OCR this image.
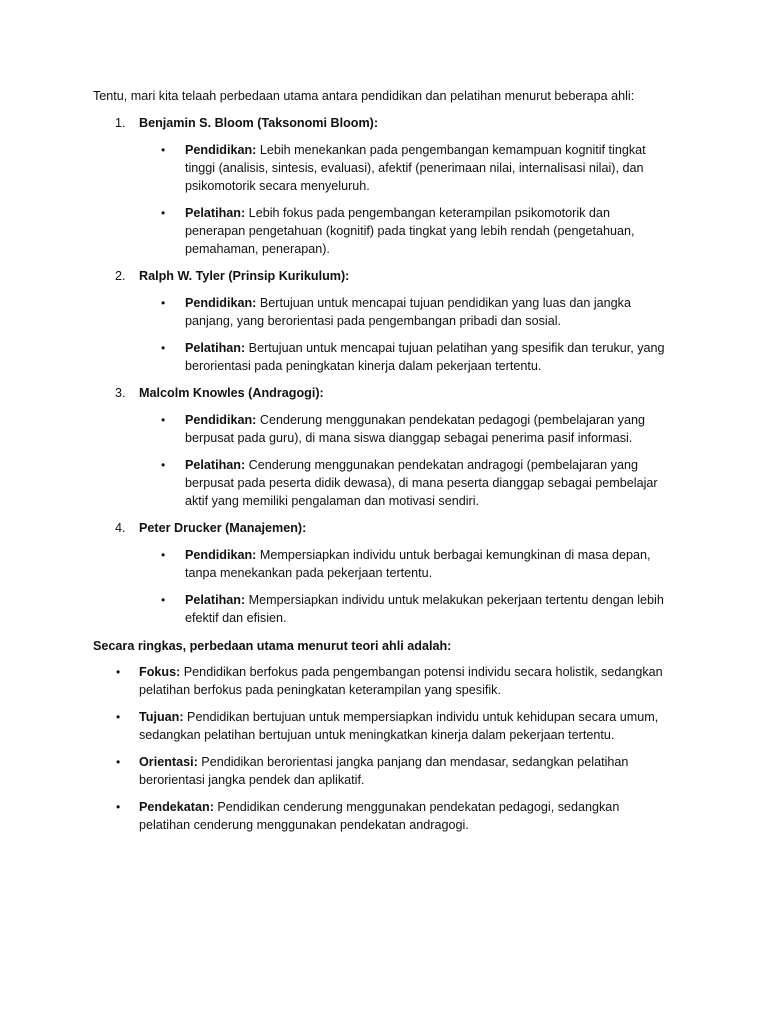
Tentu, mari kita telaah perbedaan utama antara pendidikan dan pelatihan menurut beberapa ahli:

1.	Benjamin S. Bloom (Taksonomi Bloom):
• Pendidikan: Lebih menekankan pada pengembangan kemampuan kognitif tingkat tinggi (analisis, sintesis, evaluasi), afektif (penerimaan nilai, internalisasi nilai), dan psikomotorik secara menyeluruh.
• Pelatihan: Lebih fokus pada pengembangan keterampilan psikomotorik dan penerapan pengetahuan (kognitif) pada tingkat yang lebih rendah (pengetahuan, pemahaman, penerapan).
2.	Ralph W. Tyler (Prinsip Kurikulum):
• Pendidikan: Bertujuan untuk mencapai tujuan pendidikan yang luas dan jangka panjang, yang berorientasi pada pengembangan pribadi dan sosial.
• Pelatihan: Bertujuan untuk mencapai tujuan pelatihan yang spesifik dan terukur, yang berorientasi pada peningkatan kinerja dalam pekerjaan tertentu.
3.	Malcolm Knowles (Andragogi):
• Pendidikan: Cenderung menggunakan pendekatan pedagogi (pembelajaran yang berpusat pada guru), di mana siswa dianggap sebagai penerima pasif informasi.
• Pelatihan: Cenderung menggunakan pendekatan andragogi (pembelajaran yang berpusat pada peserta didik dewasa), di mana peserta dianggap sebagai pembelajar aktif yang memiliki pengalaman dan motivasi sendiri.
4.	Peter Drucker (Manajemen):
• Pendidikan: Mempersiapkan individu untuk berbagai kemungkinan di masa depan, tanpa menekankan pada pekerjaan tertentu.
• Pelatihan: Mempersiapkan individu untuk melakukan pekerjaan tertentu dengan lebih efektif dan efisien.

Secara ringkas, perbedaan utama menurut teori ahli adalah:

• Fokus: Pendidikan berfokus pada pengembangan potensi individu secara holistik, sedangkan pelatihan berfokus pada peningkatan keterampilan yang spesifik.
• Tujuan: Pendidikan bertujuan untuk mempersiapkan individu untuk kehidupan secara umum, sedangkan pelatihan bertujuan untuk meningkatkan kinerja dalam pekerjaan tertentu.
• Orientasi: Pendidikan berorientasi jangka panjang dan mendasar, sedangkan pelatihan berorientasi jangka pendek dan aplikatif.
• Pendekatan: Pendidikan cenderung menggunakan pendekatan pedagogi, sedangkan pelatihan cenderung menggunakan pendekatan andragogi.
